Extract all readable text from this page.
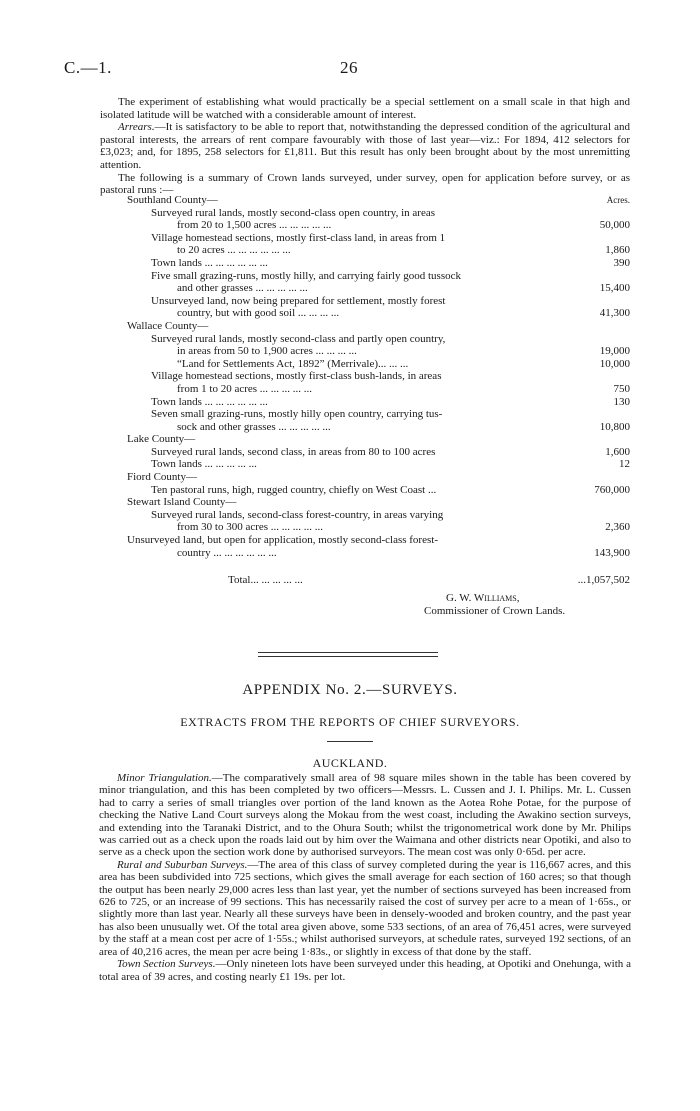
C.—1.	26

The experiment of establishing what would practically be a special settlement on a small scale in that high and isolated latitude will be watched with a considerable amount of interest.

Arrears.—It is satisfactory to be able to report that, notwithstanding the depressed condition of the agricultural and pastoral interests, the arrears of rent compare favourably with those of last year—viz.: For 1894, 412 selectors for £3,023; and, for 1895, 258 selectors for £1,811. But this result has only been brought about by the most unremitting attention.

The following is a summary of Crown lands surveyed, under survey, open for application before survey, or as pastoral runs :—

Southland County—	Acres.
Surveyed rural lands, mostly second-class open country, in areas
from 20 to 1,500 acres ... ... ... ... ...	50,000
Village homestead sections, mostly first-class land, in areas from 1
to 20 acres ... ... ... ... ... ...	1,860
Town lands ... ... ... ... ... ...	390
Five small grazing-runs, mostly hilly, and carrying fairly good tussock
and other grasses ... ... ... ... ...	15,400
Unsurveyed land, now being prepared for settlement, mostly forest
country, but with good soil ... ... ... ...	41,300
Wallace County—
Surveyed rural lands, mostly second-class and partly open country,
in areas from 50 to 1,900 acres ... ... ... ...	19,000
“Land for Settlements Act, 1892” (Merrivale)... ... ...	10,000
Village homestead sections, mostly first-class bush-lands, in areas
from 1 to 20 acres ... ... ... ... ...	750
Town lands ... ... ... ... ... ...	130
Seven small grazing-runs, mostly hilly open country, carrying tus-
sock and other grasses ... ... ... ... ...	10,800
Lake County—
Surveyed rural lands, second class, in areas from 80 to 100 acres	1,600
Town lands ... ... ... ... ...	12
Fiord County—
Ten pastoral runs, high, rugged country, chiefly on West Coast ...	760,000
Stewart Island County—
Surveyed rural lands, second-class forest-country, in areas varying
from 30 to 300 acres ... ... ... ... ...	2,360
Unsurveyed land, but open for application, mostly second-class forest-
country ... ... ... ... ... ...	143,900
Total... ... ... ... ...	...1,057,502
G. W. Williams,
Commissioner of Crown Lands.
APPENDIX No. 2.—SURVEYS.
EXTRACTS FROM THE REPORTS OF CHIEF SURVEYORS.
AUCKLAND.

Minor Triangulation.—The comparatively small area of 98 square miles shown in the table has been covered by minor triangulation, and this has been completed by two officers—Messrs. L. Cussen and J. I. Philips. Mr. L. Cussen had to carry a series of small triangles over portion of the land known as the Aotea Rohe Potae, for the purpose of checking the Native Land Court surveys along the Mokau from the west coast, including the Awakino section surveys, and extending into the Taranaki District, and to the Ohura South; whilst the trigonometrical work done by Mr. Philips was carried out as a check upon the roads laid out by him over the Waimana and other districts near Opotiki, and also to serve as a check upon the section work done by authorised surveyors. The mean cost was only 0·65d. per acre.

Rural and Suburban Surveys.—The area of this class of survey completed during the year is 116,667 acres, and this area has been subdivided into 725 sections, which gives the small average for each section of 160 acres; so that though the output has been nearly 29,000 acres less than last year, yet the number of sections surveyed has been increased from 626 to 725, or an increase of 99 sections. This has necessarily raised the cost of survey per acre to a mean of 1·65s., or slightly more than last year. Nearly all these surveys have been in densely-wooded and broken country, and the past year has also been unusually wet. Of the total area given above, some 533 sections, of an area of 76,451 acres, were surveyed by the staff at a mean cost per acre of 1·55s.; whilst authorised surveyors, at schedule rates, surveyed 192 sections, of an area of 40,216 acres, the mean per acre being 1·83s., or slightly in excess of that done by the staff.

Town Section Surveys.—Only nineteen lots have been surveyed under this heading, at Opotiki and Onehunga, with a total area of 39 acres, and costing nearly £1 19s. per lot.
